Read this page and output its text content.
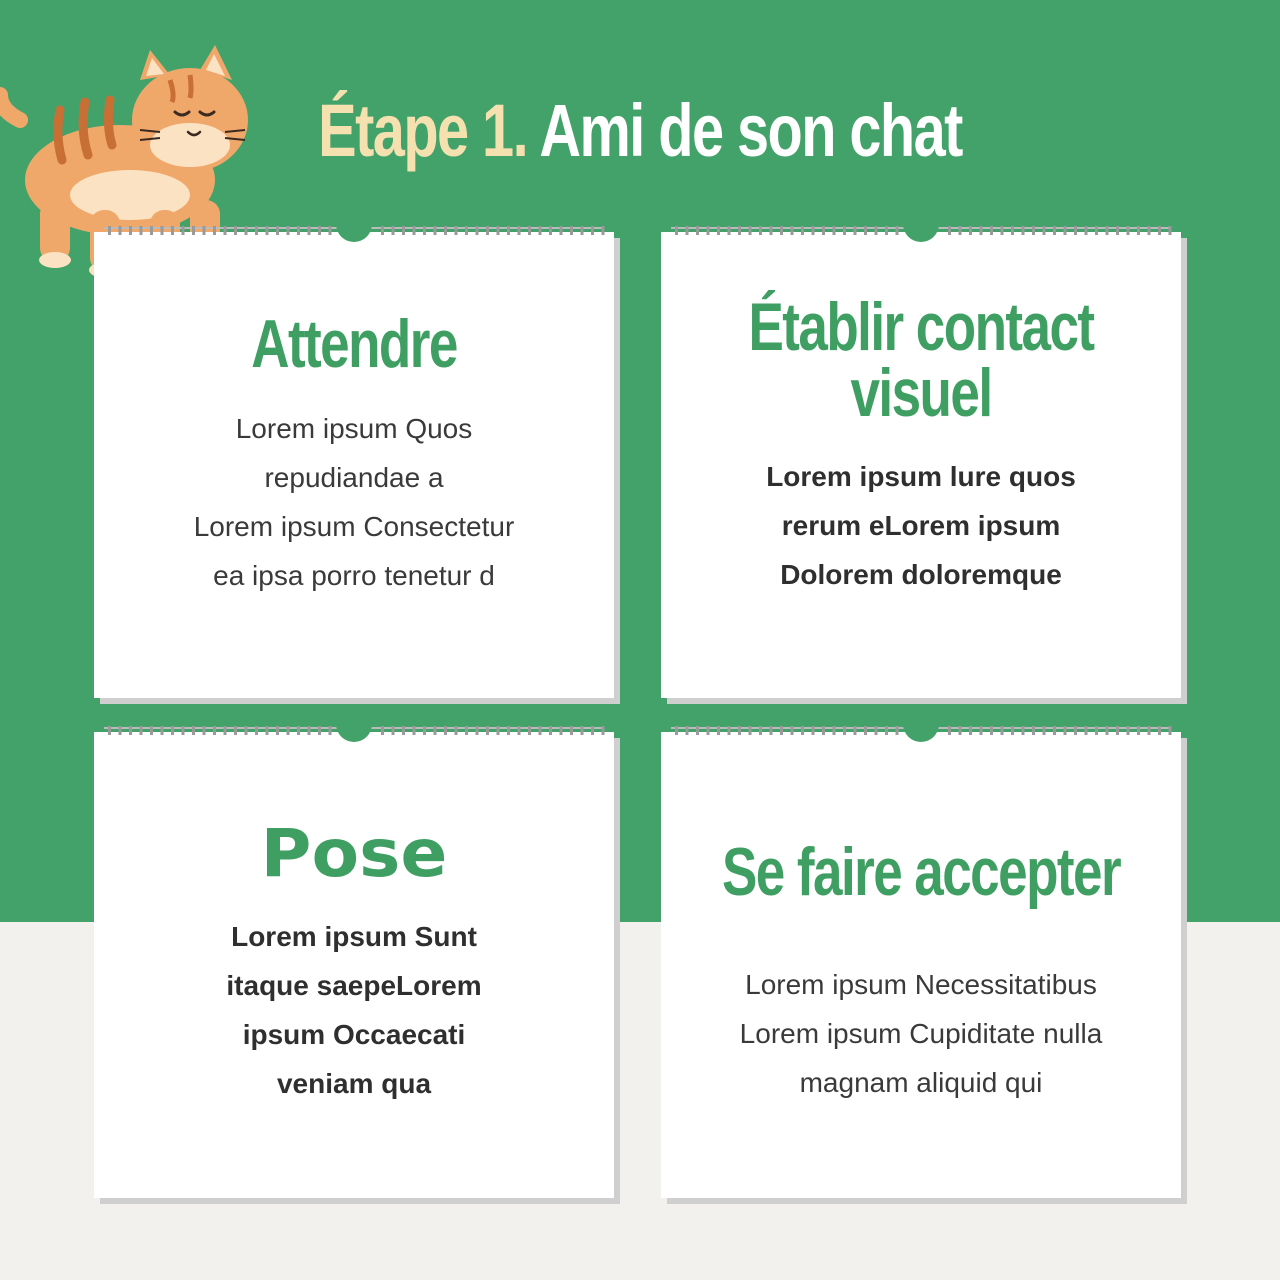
Étape 1. Ami de son chat
Attendre
Lorem ipsum Quos
repudiandae a
Lorem ipsum Consectetur
ea ipsa porro tenetur d
Établir contact
visuel
Lorem ipsum lure quos
rerum eLorem ipsum
Dolorem doloremque
Pose
Lorem ipsum Sunt
itaque saepeLorem
ipsum Occaecati
veniam qua
Se faire accepter
Lorem ipsum Necessitatibus
Lorem ipsum Cupiditate nulla
magnam aliquid qui
